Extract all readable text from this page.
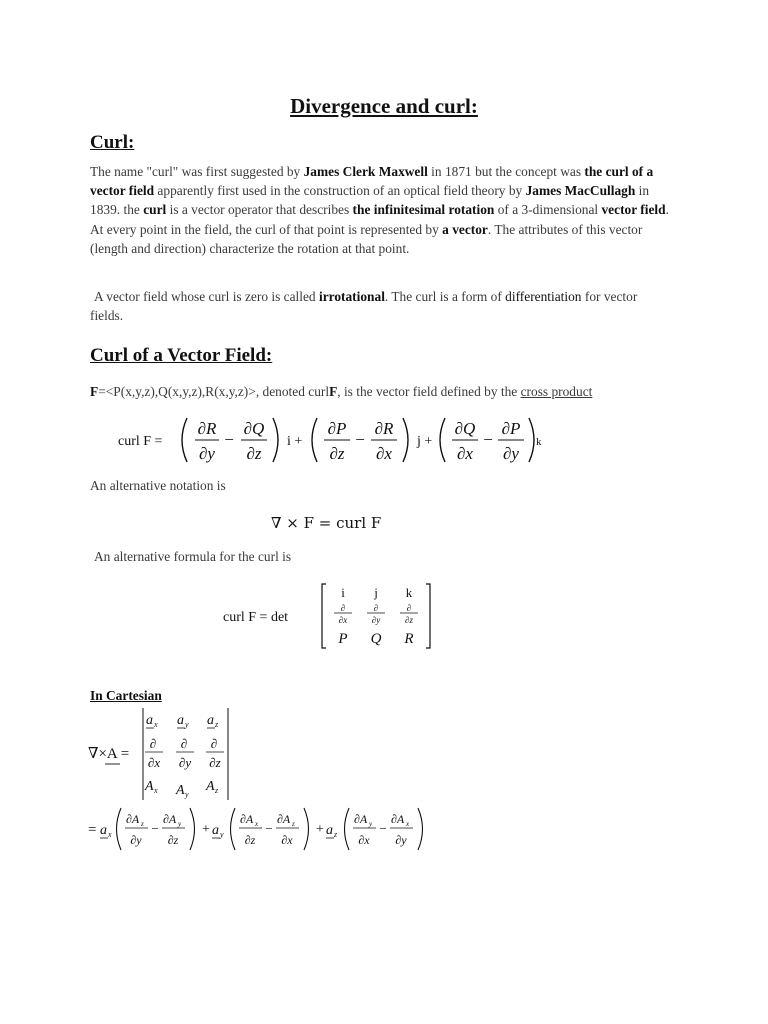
Divergence and curl:
Curl:
The name "curl" was first suggested by James Clerk Maxwell in 1871 but the concept was the curl of a vector field apparently first used in the construction of an optical field theory by James MacCullagh in 1839. the curl is a vector operator that describes the infinitesimal rotation of a 3-dimensional vector field. At every point in the field, the curl of that point is represented by a vector. The attributes of this vector (length and direction) characterize the rotation at that point.
A vector field whose curl is zero is called irrotational. The curl is a form of differentiation for vector fields.
Curl of a Vector Field:
F=<P(x,y,z),Q(x,y,z),R(x,y,z)>, denoted curlF, is the vector field defined by the cross product
curl F =
∂R
∂y
−
∂Q
∂z
i +
∂P
∂z
−
∂R
∂x
j +
∂Q
∂x
−
∂P
∂y
k
An alternative notation is
∇ × F = curl F
An alternative formula for the curl is
curl F = det
i j k
∂
∂x
∂
∂y
∂
∂z
P Q R
In Cartesian
∇×A =
a x a y a z
∂
∂x
∂
∂y
∂
∂z
A x A y
A z
= a x
∂A z
∂y
−
∂A y
∂z
+ a y
∂A x
∂z
−
∂A z
∂x
+ a z
∂A y
∂x
−
∂A x
∂y
